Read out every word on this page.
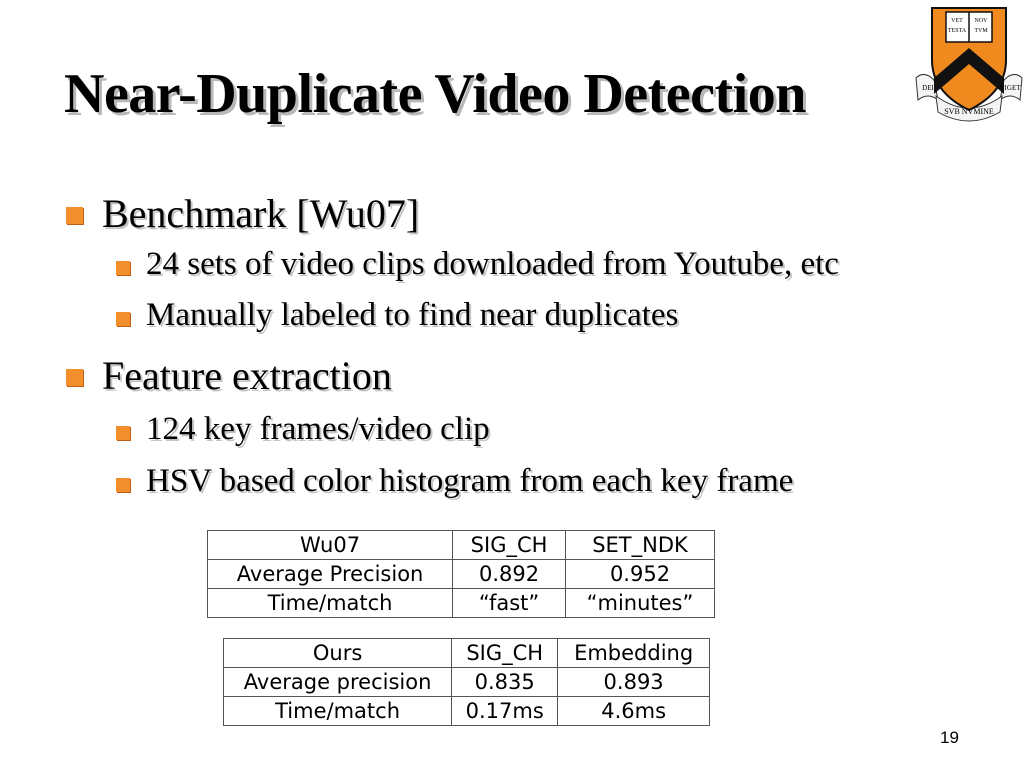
Near-Duplicate Video Detection
VET NOV
TESTA TVM
DEI
SVB NVMINE
VIGET
Benchmark [Wu07]
24 sets of video clips downloaded from Youtube, etc
Manually labeled to find near duplicates
Feature extraction
124 key frames/video clip
HSV based color histogram from each key frame
Wu07	SIG_CH	SET_NDK
Average Precision	0.892	0.952
Time/match	“fast”	“minutes”
Ours	SIG_CH	Embedding
Average precision	0.835	0.893
Time/match	0.17ms	4.6ms
19
